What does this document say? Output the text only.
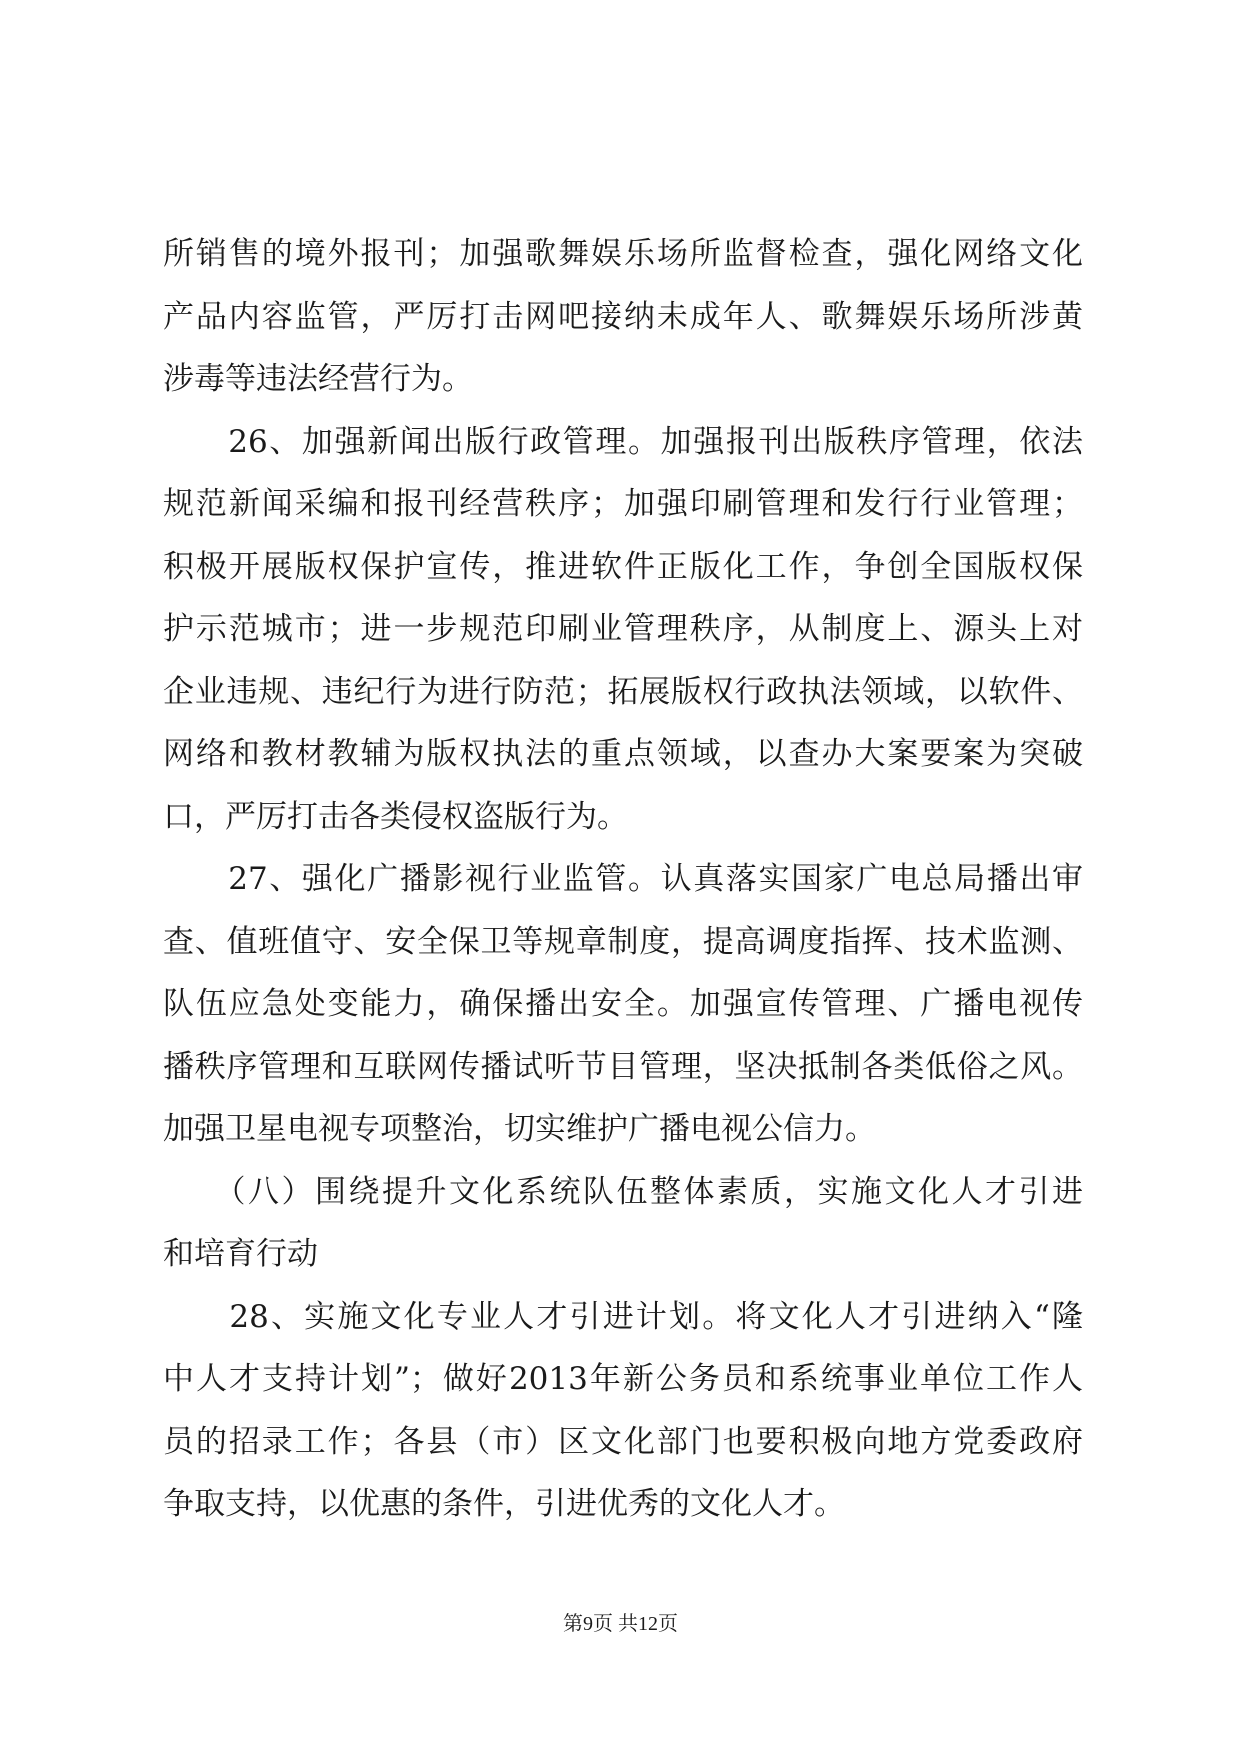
所销售的境外报刊；加强歌舞娱乐场所监督检查，强化网络文化
产品内容监管，严厉打击网吧接纳未成年人、歌舞娱乐场所涉黄
涉毒等违法经营行为。
　　26、加强新闻出版行政管理。加强报刊出版秩序管理，依法
规范新闻采编和报刊经营秩序；加强印刷管理和发行行业管理；
积极开展版权保护宣传，推进软件正版化工作，争创全国版权保
护示范城市；进一步规范印刷业管理秩序，从制度上、源头上对
企业违规、违纪行为进行防范；拓展版权行政执法领域，以软件、
网络和教材教辅为版权执法的重点领域，以查办大案要案为突破
口，严厉打击各类侵权盗版行为。
　　27、强化广播影视行业监管。认真落实国家广电总局播出审
查、值班值守、安全保卫等规章制度，提高调度指挥、技术监测、
队伍应急处变能力，确保播出安全。加强宣传管理、广播电视传
播秩序管理和互联网传播试听节目管理，坚决抵制各类低俗之风。
加强卫星电视专项整治，切实维护广播电视公信力。
　　（八）围绕提升文化系统队伍整体素质，实施文化人才引进
和培育行动
　　28、实施文化专业人才引进计划。将文化人才引进纳入“隆
中人才支持计划”；做好2013年新公务员和系统事业单位工作人
员的招录工作；各县（市）区文化部门也要积极向地方党委政府
争取支持，以优惠的条件，引进优秀的文化人才。
第9页 共12页
